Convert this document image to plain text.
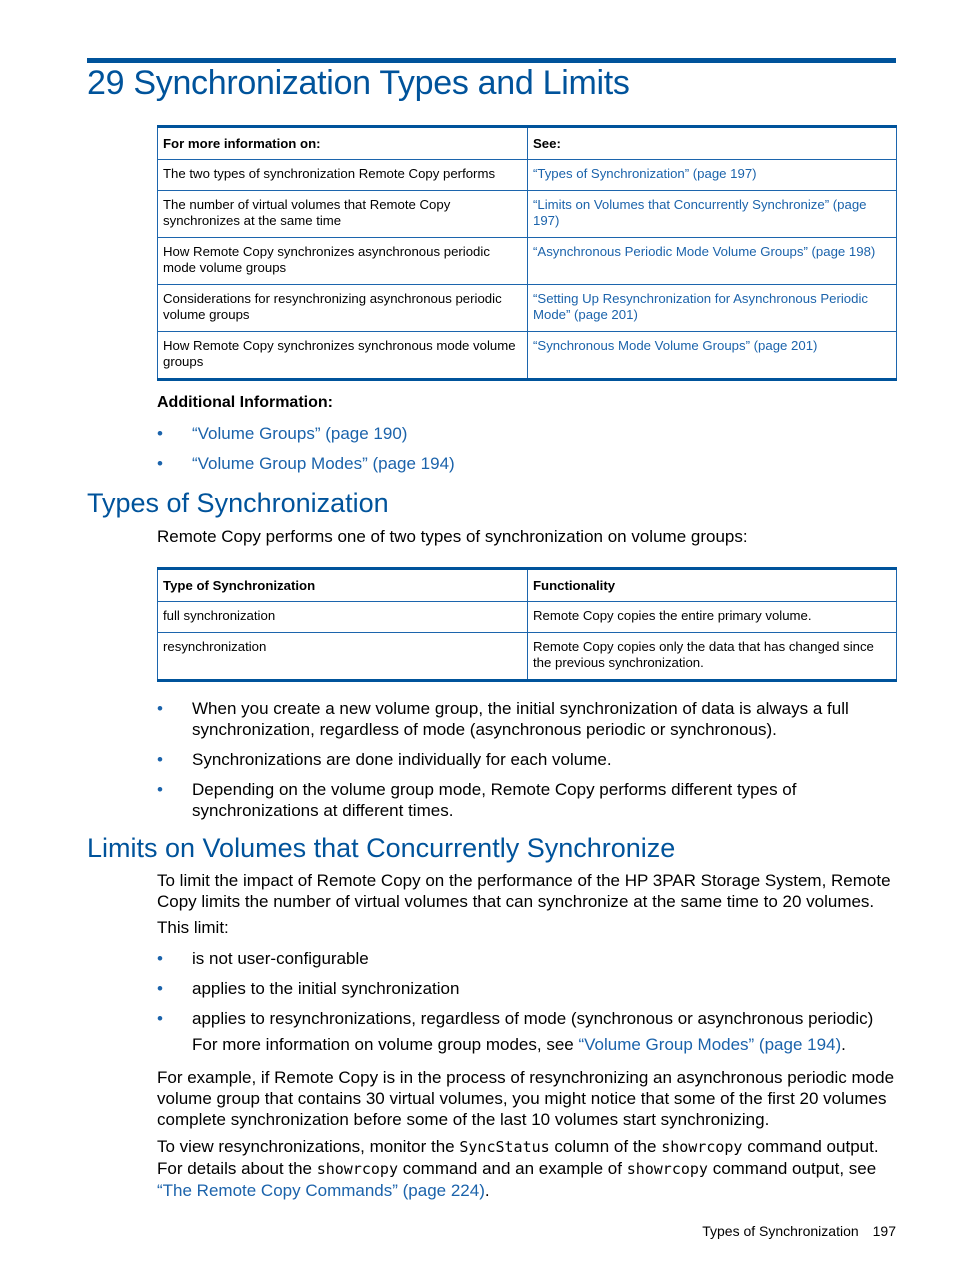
29 Synchronization Types and Limits
For more information on:	See:
The two types of synchronization Remote Copy performs	“Types of Synchronization” (page 197)
The number of virtual volumes that Remote Copy synchronizes at the same time	“Limits on Volumes that Concurrently Synchronize” (page 197)
How Remote Copy synchronizes asynchronous periodic mode volume groups	“Asynchronous Periodic Mode Volume Groups” (page 198)
Considerations for resynchronizing asynchronous periodic volume groups	“Setting Up Resynchronization for Asynchronous Periodic Mode” (page 201)
How Remote Copy synchronizes synchronous mode volume groups	“Synchronous Mode Volume Groups” (page 201)

Additional Information:

• “Volume Groups” (page 190)
• “Volume Group Modes” (page 194)
Types of Synchronization

Remote Copy performs one of two types of synchronization on volume groups:

Type of Synchronization	Functionality
full synchronization	Remote Copy copies the entire primary volume.
resynchronization	Remote Copy copies only the data that has changed since the previous synchronization.
• When you create a new volume group, the initial synchronization of data is always a full synchronization, regardless of mode (asynchronous periodic or synchronous).
• Synchronizations are done individually for each volume.
• Depending on the volume group mode, Remote Copy performs different types of synchronizations at different times.
Limits on Volumes that Concurrently Synchronize

To limit the impact of Remote Copy on the performance of the HP 3PAR Storage System, Remote Copy limits the number of virtual volumes that can synchronize at the same time to 20 volumes.

This limit:

• is not user-configurable
• applies to the initial synchronization
• applies to resynchronizations, regardless of mode (synchronous or asynchronous periodic)

For more information on volume group modes, see “Volume Group Modes” (page 194).

For example, if Remote Copy is in the process of resynchronizing an asynchronous periodic mode volume group that contains 30 virtual volumes, you might notice that some of the first 20 volumes complete synchronization before some of the last 10 volumes start synchronizing.

To view resynchronizations, monitor the SyncStatus column of the showrcopy command output. For details about the showrcopy command and an example of showrcopy command output, see “The Remote Copy Commands” (page 224).

Types of Synchronization 197
